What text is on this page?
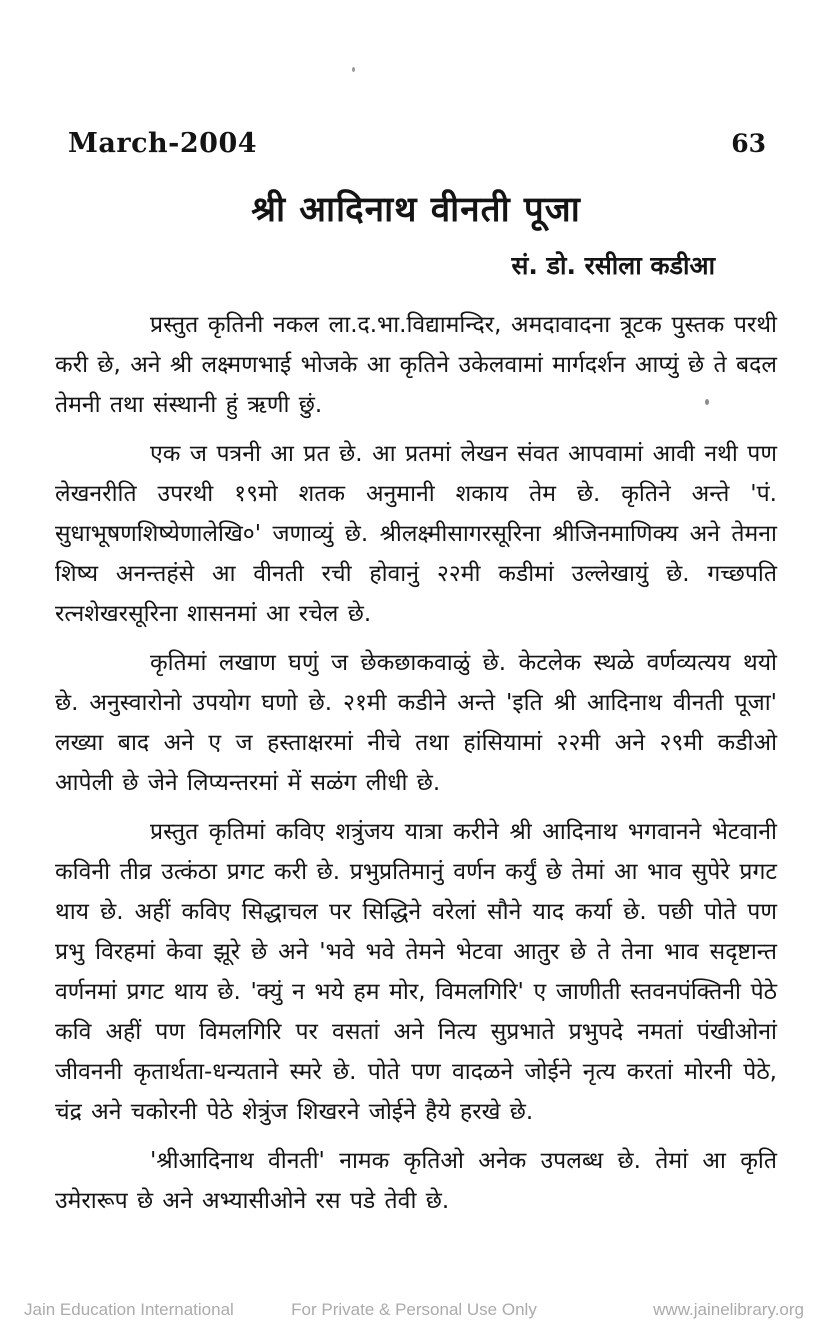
March-2004	63
श्री आदिनाथ वीनती पूजा
सं. डो. रसीला कडीआ

प्रस्तुत कृतिनी नकल ला.द.भा.विद्यामन्दिर, अमदावादना त्रूटक पुस्तक परथी करी छे, अने श्री लक्ष्मणभाई भोजके आ कृतिने उकेलवामां मार्गदर्शन आप्युं छे ते बदल तेमनी तथा संस्थानी हुं ऋणी छुं.

एक ज पत्रनी आ प्रत छे. आ प्रतमां लेखन संवत आपवामां आवी नथी पण लेखनरीति उपरथी १९मो शतक अनुमानी शकाय तेम छे. कृतिने अन्ते 'पं. सुधाभूषणशिष्येणालेखि०' जणाव्युं छे. श्रीलक्ष्मीसागरसूरिना श्रीजिनमाणिक्य अने तेमना शिष्य अनन्तहंसे आ वीनती रची होवानुं २२मी कडीमां उल्लेखायुं छे. गच्छपति रत्नशेखरसूरिना शासनमां आ रचेल छे.

कृतिमां लखाण घणुं ज छेकछाकवाळुं छे. केटलेक स्थळे वर्णव्यत्यय थयो छे. अनुस्वारोनो उपयोग घणो छे. २१मी कडीने अन्ते 'इति श्री आदिनाथ वीनती पूजा' लख्या बाद अने ए ज हस्ताक्षरमां नीचे तथा हांसियामां २२मी अने २९मी कडीओ आपेली छे जेने लिप्यन्तरमां में सळंग लीधी छे.

प्रस्तुत कृतिमां कविए शत्रुंजय यात्रा करीने श्री आदिनाथ भगवानने भेटवानी कविनी तीव्र उत्कंठा प्रगट करी छे. प्रभुप्रतिमानुं वर्णन कर्युं छे तेमां आ भाव सुपेरे प्रगट थाय छे. अहीं कविए सिद्धाचल पर सिद्धिने वरेलां सौने याद कर्या छे. पछी पोते पण प्रभु विरहमां केवा झूरे छे अने 'भवे भवे तेमने भेटवा आतुर छे ते तेना भाव सदृष्टान्त वर्णनमां प्रगट थाय छे. 'क्युं न भये हम मोर, विमलगिरि' ए जाणीती स्तवनपंक्तिनी पेठे कवि अहीं पण विमलगिरि पर वसतां अने नित्य सुप्रभाते प्रभुपदे नमतां पंखीओनां जीवननी कृतार्थता-धन्यताने स्मरे छे. पोते पण वादळने जोईने नृत्य करतां मोरनी पेठे, चंद्र अने चकोरनी पेठे शेत्रुंज शिखरने जोईने हैये हरखे छे.

'श्रीआदिनाथ वीनती' नामक कृतिओ अनेक उपलब्ध छे. तेमां आ कृति उमेरारूप छे अने अभ्यासीओने रस पडे तेवी छे.

For Private & Personal Use Only
Jain Education International	www.jainelibrary.org
